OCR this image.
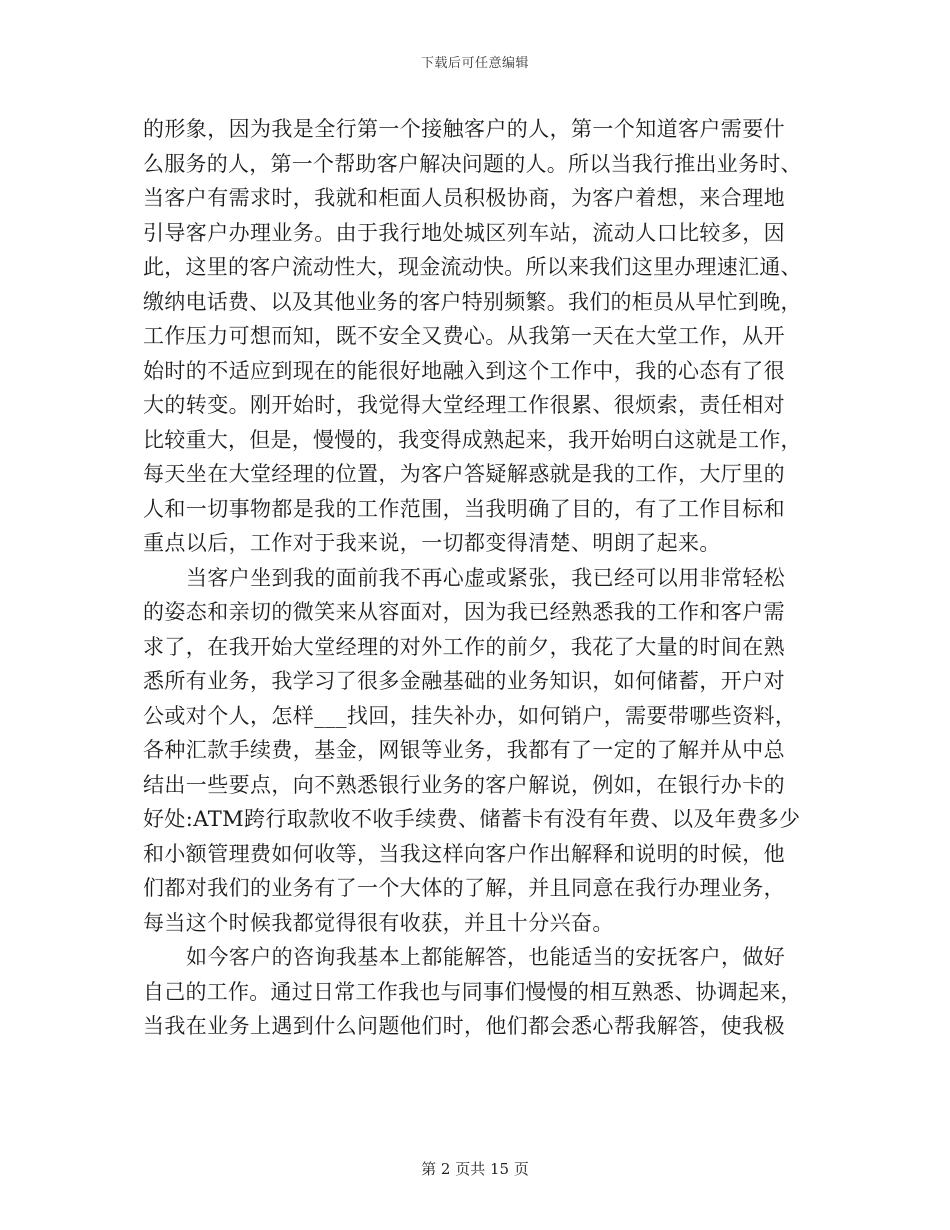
下载后可任意编辑
的形象，因为我是全行第一个接触客户的人，第一个知道客户需要什
么服务的人，第一个帮助客户解决问题的人。所以当我行推出业务时、
当客户有需求时，我就和柜面人员积极协商，为客户着想，来合理地
引导客户办理业务。由于我行地处城区列车站，流动人口比较多，因
此，这里的客户流动性大，现金流动快。所以来我们这里办理速汇通、
缴纳电话费、以及其他业务的客户特别频繁。我们的柜员从早忙到晚，
工作压力可想而知，既不安全又费心。从我第一天在大堂工作，从开
始时的不适应到现在的能很好地融入到这个工作中，我的心态有了很
大的转变。刚开始时，我觉得大堂经理工作很累、很烦索，责任相对
比较重大，但是，慢慢的，我变得成熟起来，我开始明白这就是工作，
每天坐在大堂经理的位置，为客户答疑解惑就是我的工作，大厅里的
人和一切事物都是我的工作范围，当我明确了目的，有了工作目标和
重点以后，工作对于我来说，一切都变得清楚、明朗了起来。
当客户坐到我的面前我不再心虚或紧张，我已经可以用非常轻松
的姿态和亲切的微笑来从容面对，因为我已经熟悉我的工作和客户需
求了，在我开始大堂经理的对外工作的前夕，我花了大量的时间在熟
悉所有业务，我学习了很多金融基础的业务知识，如何储蓄，开户对
公或对个人，怎样___找回，挂失补办，如何销户，需要带哪些资料，
各种汇款手续费，基金，网银等业务，我都有了一定的了解并从中总
结出一些要点，向不熟悉银行业务的客户解说，例如，在银行办卡的
好处:ATM跨行取款收不收手续费、储蓄卡有没有年费、以及年费多少
和小额管理费如何收等，当我这样向客户作出解释和说明的时候，他
们都对我们的业务有了一个大体的了解，并且同意在我行办理业务，
每当这个时候我都觉得很有收获，并且十分兴奋。
如今客户的咨询我基本上都能解答，也能适当的安抚客户，做好
自己的工作。通过日常工作我也与同事们慢慢的相互熟悉、协调起来，
当我在业务上遇到什么问题他们时，他们都会悉心帮我解答，使我极
第 2 页共 15 页
